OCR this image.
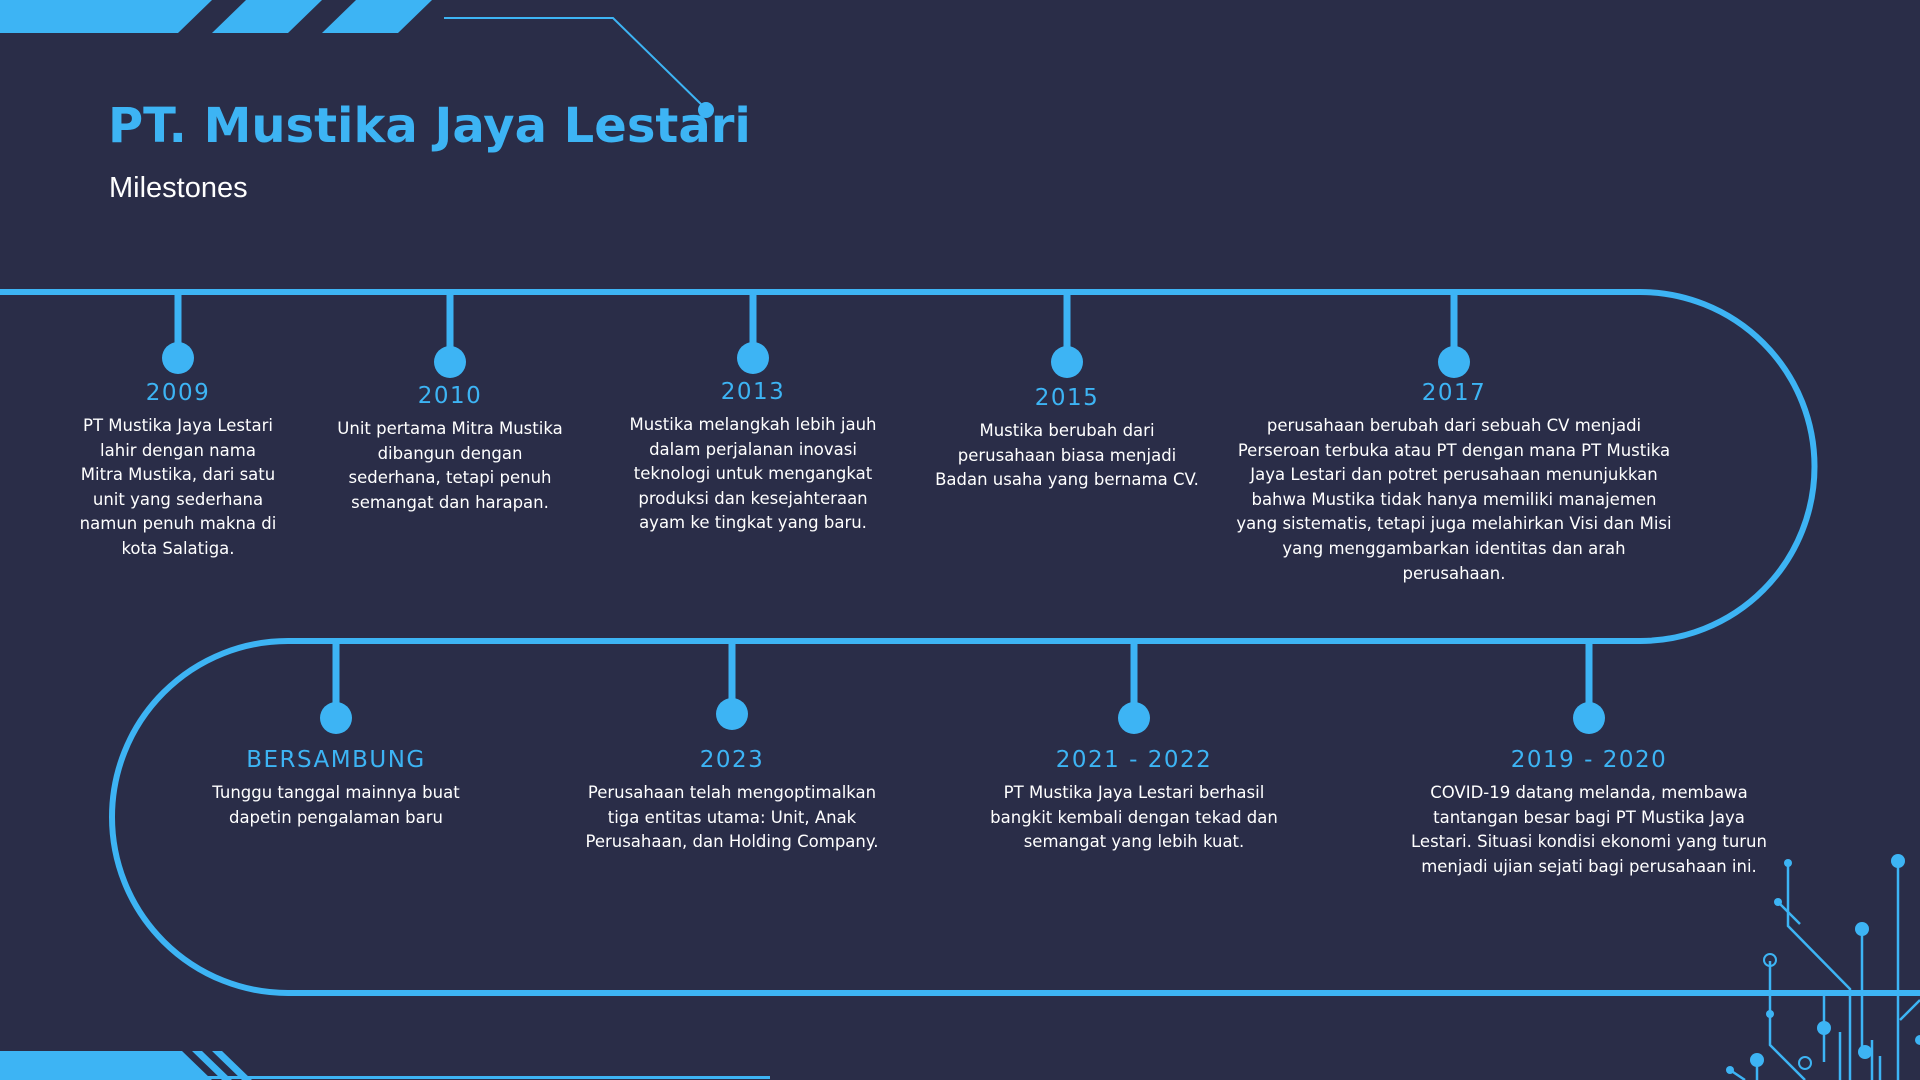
PT. Mustika Jaya Lestari
Milestones
2009
PT Mustika Jaya Lestari lahir dengan nama Mitra Mustika, dari satu unit yang sederhana namun penuh makna di kota Salatiga.
2010
Unit pertama Mitra Mustika dibangun dengan sederhana, tetapi penuh semangat dan harapan.
2013
Mustika melangkah lebih jauh dalam perjalanan inovasi teknologi untuk mengangkat produksi dan kesejahteraan ayam ke tingkat yang baru.
2015
Mustika berubah dari perusahaan biasa menjadi Badan usaha yang bernama CV.
2017
perusahaan berubah dari sebuah CV menjadi Perseroan terbuka atau PT dengan mana PT Mustika Jaya Lestari dan potret perusahaan menunjukkan bahwa Mustika tidak hanya memiliki manajemen yang sistematis, tetapi juga melahirkan Visi dan Misi yang menggambarkan identitas dan arah perusahaan.
2019 - 2020
COVID-19 datang melanda, membawa tantangan besar bagi PT Mustika Jaya Lestari. Situasi kondisi ekonomi yang turun menjadi ujian sejati bagi perusahaan ini.
2021 - 2022
PT Mustika Jaya Lestari berhasil bangkit kembali dengan tekad dan semangat yang lebih kuat.
2023
Perusahaan telah mengoptimalkan tiga entitas utama: Unit, Anak Perusahaan, dan Holding Company.
BERSAMBUNG
Tunggu tanggal mainnya buat dapetin pengalaman baru
